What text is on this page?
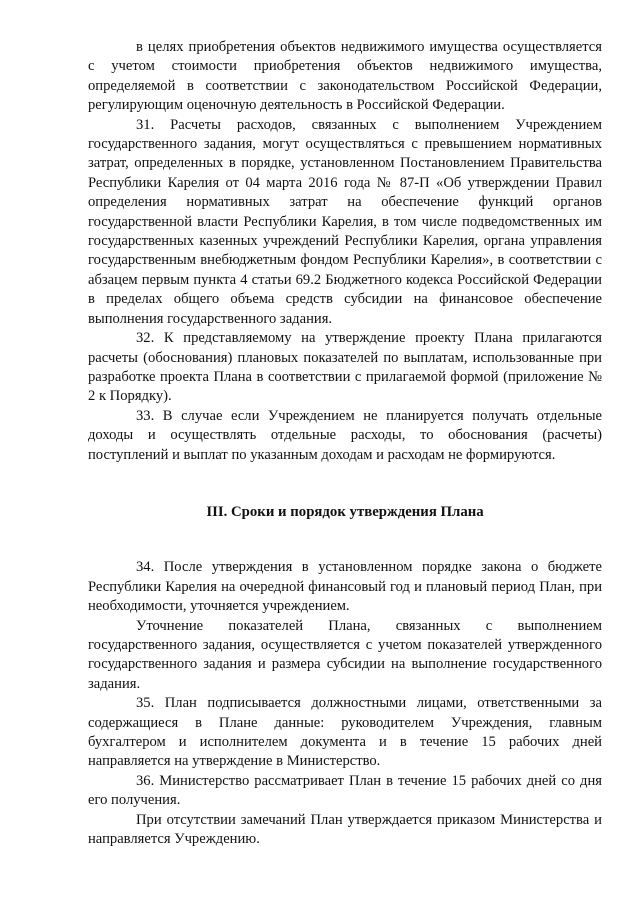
в целях приобретения объектов недвижимого имущества осуществляется с учетом стоимости приобретения объектов недвижимого имущества, определяемой в соответствии с законодательством Российской Федерации, регулирующим оценочную деятельность в Российской Федерации.

31. Расчеты расходов, связанных с выполнением Учреждением государственного задания, могут осуществляться с превышением нормативных затрат, определенных в порядке, установленном Постановлением Правительства Республики Карелия от 04 марта 2016 года № 87-П «Об утверждении Правил определения нормативных затрат на обеспечение функций органов государственной власти Республики Карелия, в том числе подведомственных им государственных казенных учреждений Республики Карелия, органа управления государственным внебюджетным фондом Республики Карелия», в соответствии с абзацем первым пункта 4 статьи 69.2 Бюджетного кодекса Российской Федерации в пределах общего объема средств субсидии на финансовое обеспечение выполнения государственного задания.

32. К представляемому на утверждение проекту Плана прилагаются расчеты (обоснования) плановых показателей по выплатам, использованные при разработке проекта Плана в соответствии с прилагаемой формой (приложение № 2 к Порядку).

33. В случае если Учреждением не планируется получать отдельные доходы и осуществлять отдельные расходы, то обоснования (расчеты) поступлений и выплат по указанным доходам и расходам не формируются.

III. Сроки и порядок утверждения Плана

34. После утверждения в установленном порядке закона о бюджете Республики Карелия на очередной финансовый год и плановый период План, при необходимости, уточняется учреждением.

Уточнение показателей Плана, связанных с выполнением государственного задания, осуществляется с учетом показателей утвержденного государственного задания и размера субсидии на выполнение государственного задания.

35. План подписывается должностными лицами, ответственными за содержащиеся в Плане данные: руководителем Учреждения, главным бухгалтером и исполнителем документа и в течение 15 рабочих дней направляется на утверждение в Министерство.

36. Министерство рассматривает План в течение 15 рабочих дней со дня его получения.

При отсутствии замечаний План утверждается приказом Министерства и направляется Учреждению.
